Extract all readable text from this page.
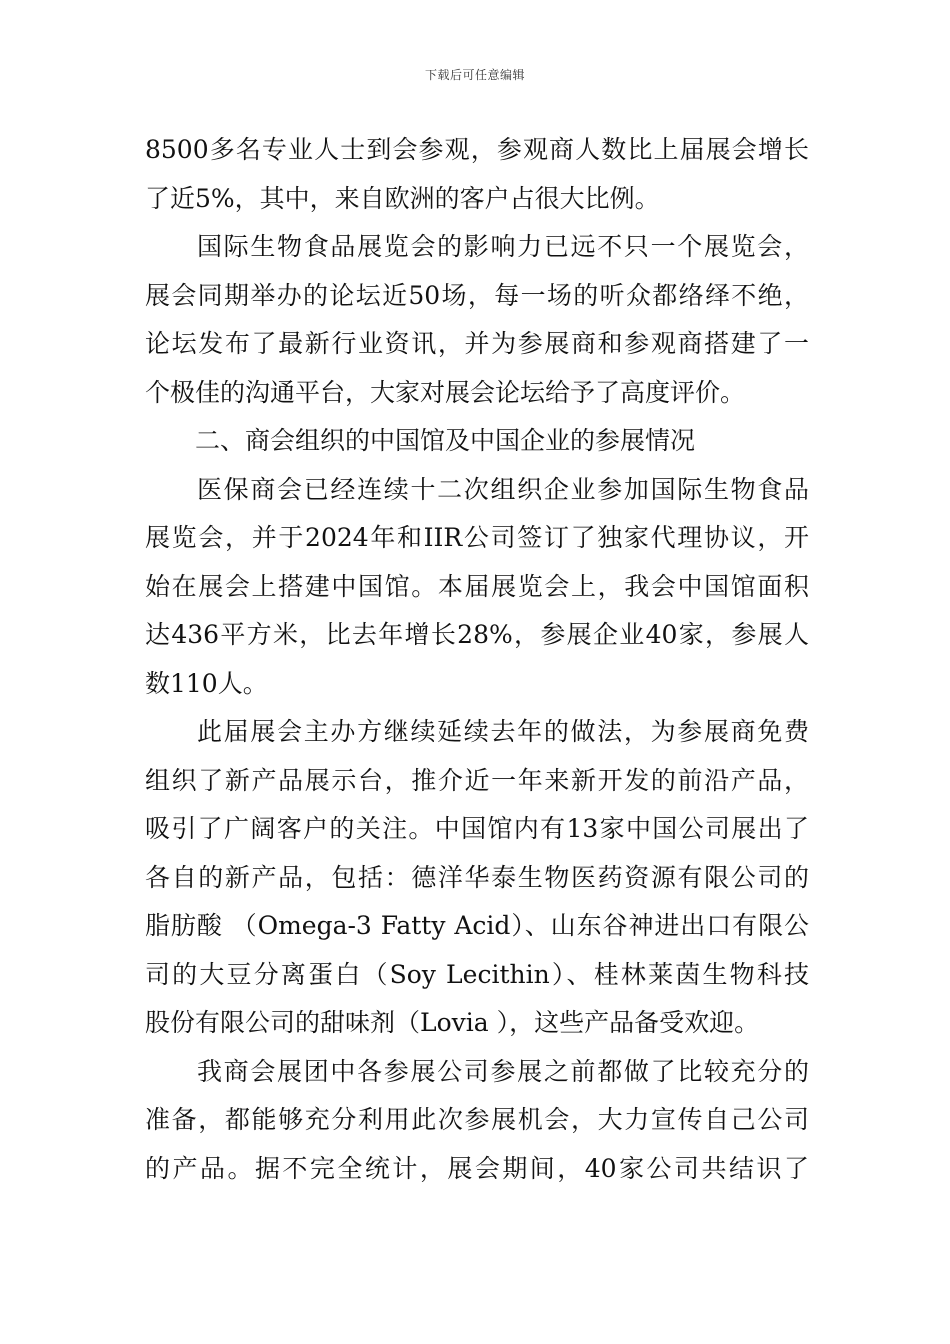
下载后可任意编辑
8500多名专业人士到会参观，参观商人数比上届展会增长
了近5%，其中，来自欧洲的客户占很大比例。
国际生物食品展览会的影响力已远不只一个展览会，
展会同期举办的论坛近50场，每一场的听众都络绎不绝，
论坛发布了最新行业资讯，并为参展商和参观商搭建了一
个极佳的沟通平台，大家对展会论坛给予了高度评价。
二、商会组织的中国馆及中国企业的参展情况
医保商会已经连续十二次组织企业参加国际生物食品
展览会，并于2024年和IIR公司签订了独家代理协议，开
始在展会上搭建中国馆。本届展览会上，我会中国馆面积
达436平方米，比去年增长28%，参展企业40家，参展人
数110人。
此届展会主办方继续延续去年的做法，为参展商免费
组织了新产品展示台，推介近一年来新开发的前沿产品，
吸引了广阔客户的关注。中国馆内有13家中国公司展出了
各自的新产品，包括：德洋华泰生物医药资源有限公司的
脂肪酸 （Omega-3 Fatty Acid）、山东谷神进出口有限公
司的大豆分离蛋白（Soy Lecithin）、桂林莱茵生物科技
股份有限公司的甜味剂（Lovia ），这些产品备受欢迎。
我商会展团中各参展公司参展之前都做了比较充分的
准备，都能够充分利用此次参展机会，大力宣传自己公司
的产品。据不完全统计，展会期间，40家公司共结识了
